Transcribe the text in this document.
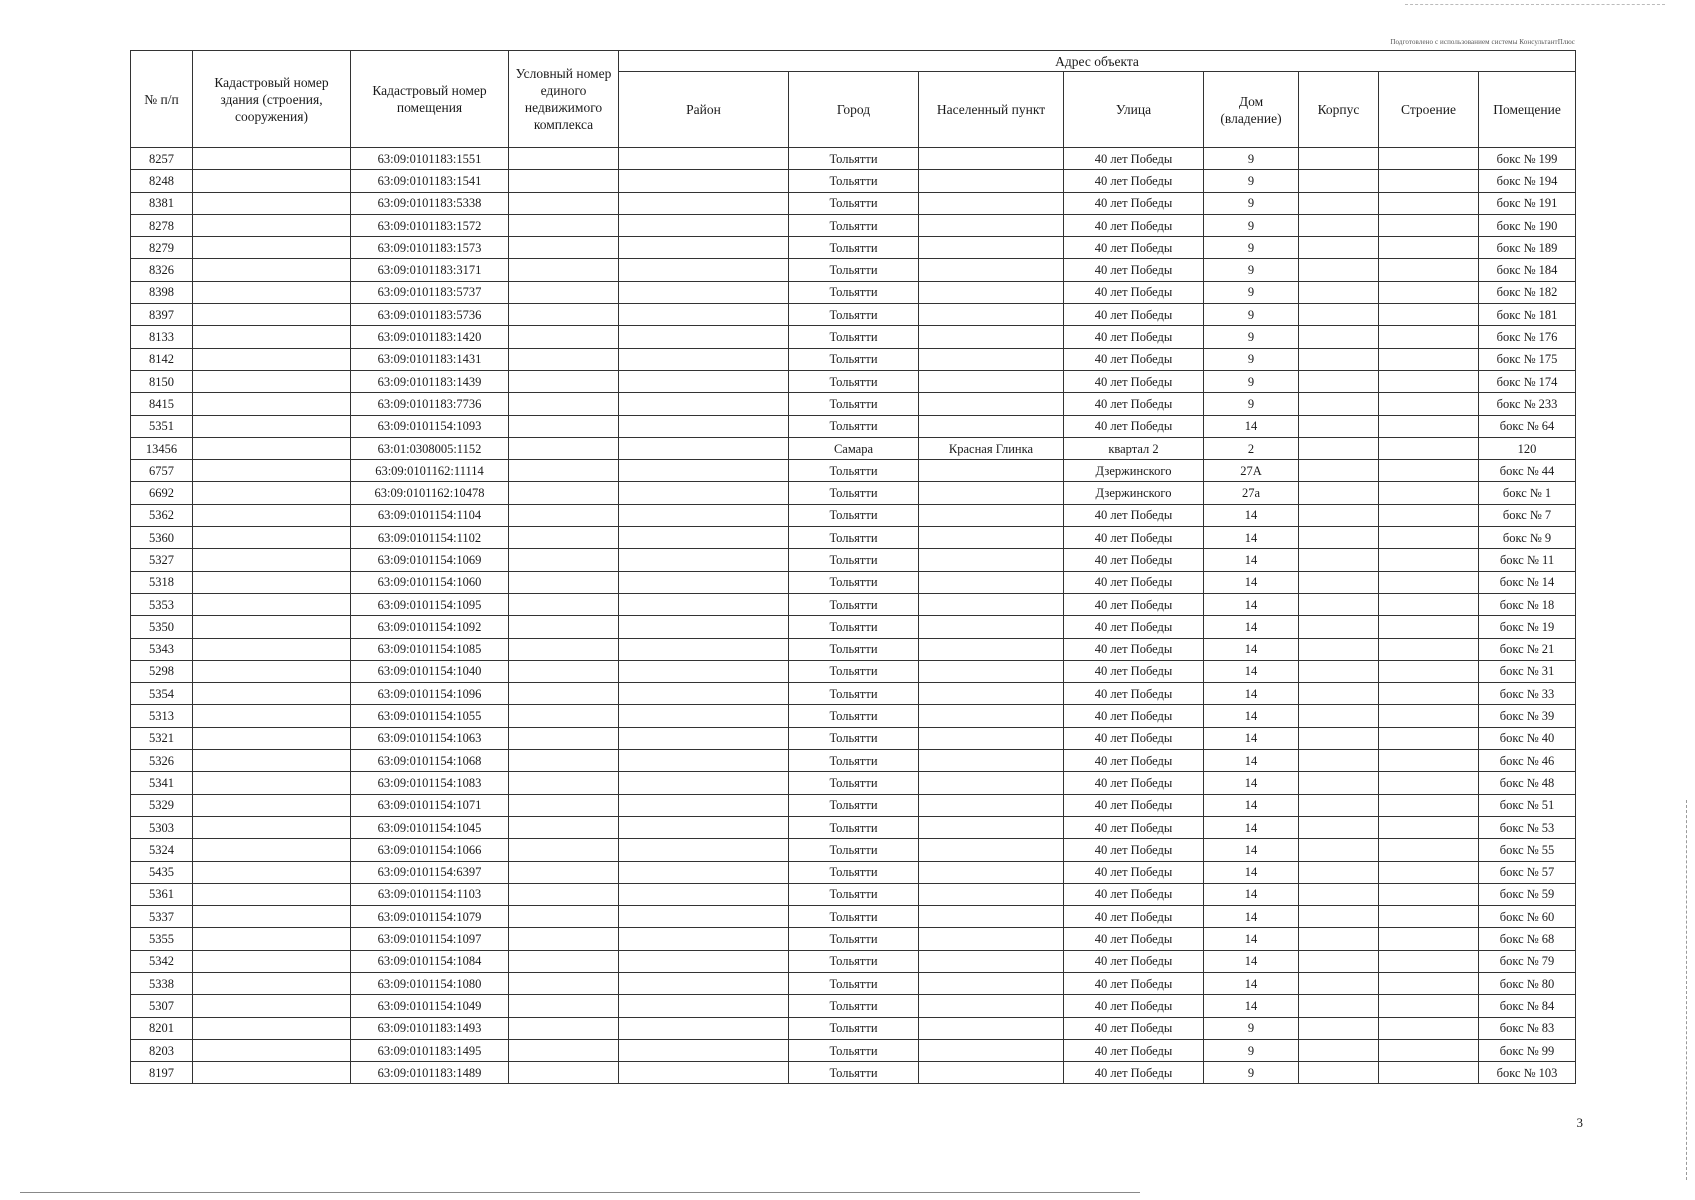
Подготовлено с использованием системы КонсультантПлюс
№ п/п	Кадастровый номер здания (строения, сооружения)	Кадастровый номер помещения	Условный номер единого недвижимого комплекса	Адрес объекта							
				Район	Город	Населенный пункт	Улица	Дом (владение)	Корпус	Строение	Помещение
8257		63:09:0101183:1551			Тольятти		40 лет Победы	9			бокс № 199
8248		63:09:0101183:1541			Тольятти		40 лет Победы	9			бокс № 194
8381		63:09:0101183:5338			Тольятти		40 лет Победы	9			бокс № 191
8278		63:09:0101183:1572			Тольятти		40 лет Победы	9			бокс № 190
8279		63:09:0101183:1573			Тольятти		40 лет Победы	9			бокс № 189
8326		63:09:0101183:3171			Тольятти		40 лет Победы	9			бокс № 184
8398		63:09:0101183:5737			Тольятти		40 лет Победы	9			бокс № 182
8397		63:09:0101183:5736			Тольятти		40 лет Победы	9			бокс № 181
8133		63:09:0101183:1420			Тольятти		40 лет Победы	9			бокс № 176
8142		63:09:0101183:1431			Тольятти		40 лет Победы	9			бокс № 175
8150		63:09:0101183:1439			Тольятти		40 лет Победы	9			бокс № 174
8415		63:09:0101183:7736			Тольятти		40 лет Победы	9			бокс № 233
5351		63:09:0101154:1093			Тольятти		40 лет Победы	14			бокс № 64
13456		63:01:0308005:1152			Самара	Красная Глинка	квартал 2	2			120
6757		63:09:0101162:11114			Тольятти		Дзержинского	27А			бокс № 44
6692		63:09:0101162:10478			Тольятти		Дзержинского	27а			бокс № 1
5362		63:09:0101154:1104			Тольятти		40 лет Победы	14			бокс № 7
5360		63:09:0101154:1102			Тольятти		40 лет Победы	14			бокс № 9
5327		63:09:0101154:1069			Тольятти		40 лет Победы	14			бокс № 11
5318		63:09:0101154:1060			Тольятти		40 лет Победы	14			бокс № 14
5353		63:09:0101154:1095			Тольятти		40 лет Победы	14			бокс № 18
5350		63:09:0101154:1092			Тольятти		40 лет Победы	14			бокс № 19
5343		63:09:0101154:1085			Тольятти		40 лет Победы	14			бокс № 21
5298		63:09:0101154:1040			Тольятти		40 лет Победы	14			бокс № 31
5354		63:09:0101154:1096			Тольятти		40 лет Победы	14			бокс № 33
5313		63:09:0101154:1055			Тольятти		40 лет Победы	14			бокс № 39
5321		63:09:0101154:1063			Тольятти		40 лет Победы	14			бокс № 40
5326		63:09:0101154:1068			Тольятти		40 лет Победы	14			бокс № 46
5341		63:09:0101154:1083			Тольятти		40 лет Победы	14			бокс № 48
5329		63:09:0101154:1071			Тольятти		40 лет Победы	14			бокс № 51
5303		63:09:0101154:1045			Тольятти		40 лет Победы	14			бокс № 53
5324		63:09:0101154:1066			Тольятти		40 лет Победы	14			бокс № 55
5435		63:09:0101154:6397			Тольятти		40 лет Победы	14			бокс № 57
5361		63:09:0101154:1103			Тольятти		40 лет Победы	14			бокс № 59
5337		63:09:0101154:1079			Тольятти		40 лет Победы	14			бокс № 60
5355		63:09:0101154:1097			Тольятти		40 лет Победы	14			бокс № 68
5342		63:09:0101154:1084			Тольятти		40 лет Победы	14			бокс № 79
5338		63:09:0101154:1080			Тольятти		40 лет Победы	14			бокс № 80
5307		63:09:0101154:1049			Тольятти		40 лет Победы	14			бокс № 84
8201		63:09:0101183:1493			Тольятти		40 лет Победы	9			бокс № 83
8203		63:09:0101183:1495			Тольятти		40 лет Победы	9			бокс № 99
8197		63:09:0101183:1489			Тольятти		40 лет Победы	9			бокс № 103
3
